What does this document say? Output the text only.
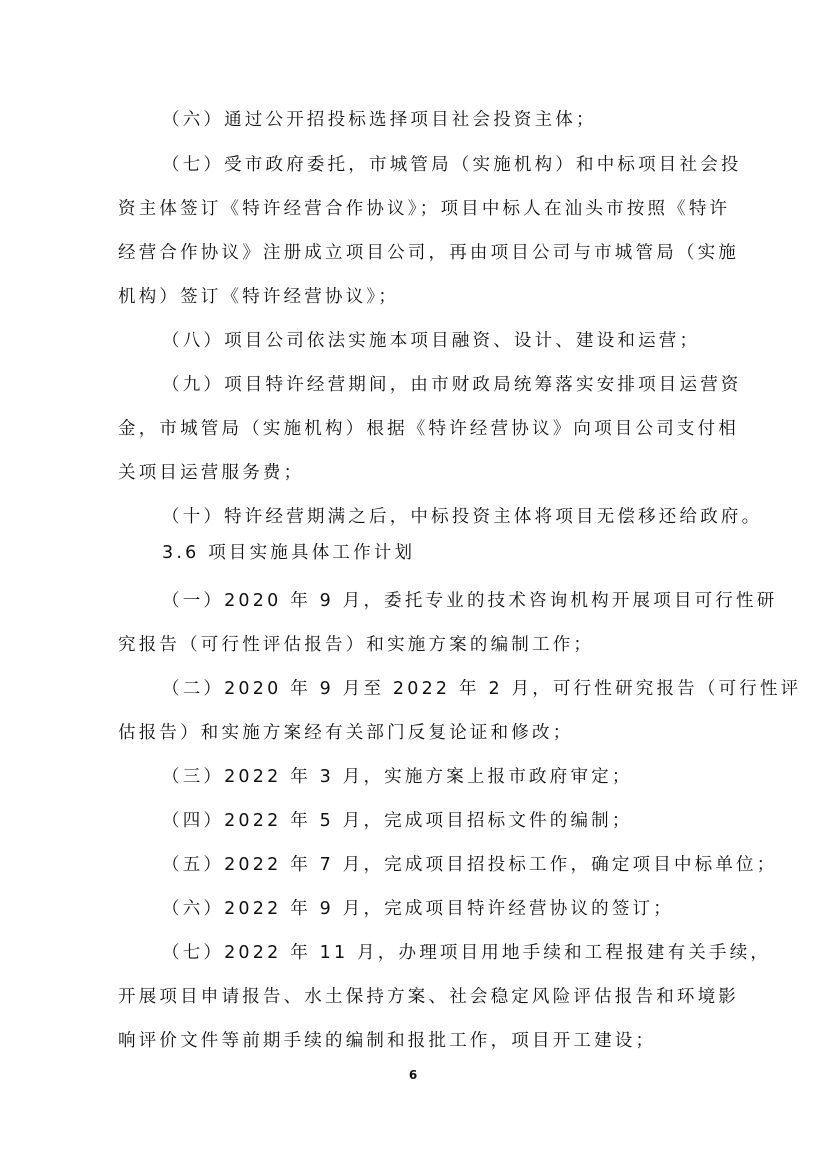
（六）通过公开招投标选择项目社会投资主体；
（七）受市政府委托，市城管局（实施机构）和中标项目社会投
资主体签订《特许经营合作协议》；项目中标人在汕头市按照《特许
经营合作协议》注册成立项目公司，再由项目公司与市城管局（实施
机构）签订《特许经营协议》；
（八）项目公司依法实施本项目融资、设计、建设和运营；
（九）项目特许经营期间，由市财政局统筹落实安排项目运营资
金，市城管局（实施机构）根据《特许经营协议》向项目公司支付相
关项目运营服务费；
（十）特许经营期满之后，中标投资主体将项目无偿移还给政府。
3.6 项目实施具体工作计划
（一）2020 年 9 月，委托专业的技术咨询机构开展项目可行性研
究报告（可行性评估报告）和实施方案的编制工作；
（二）2020 年 9 月至 2022 年 2 月，可行性研究报告（可行性评
估报告）和实施方案经有关部门反复论证和修改；
（三）2022 年 3 月，实施方案上报市政府审定；
（四）2022 年 5 月，完成项目招标文件的编制；
（五）2022 年 7 月，完成项目招投标工作，确定项目中标单位；
（六）2022 年 9 月，完成项目特许经营协议的签订；
（七）2022 年 11 月，办理项目用地手续和工程报建有关手续，
开展项目申请报告、水土保持方案、社会稳定风险评估报告和环境影
响评价文件等前期手续的编制和报批工作，项目开工建设；
6
